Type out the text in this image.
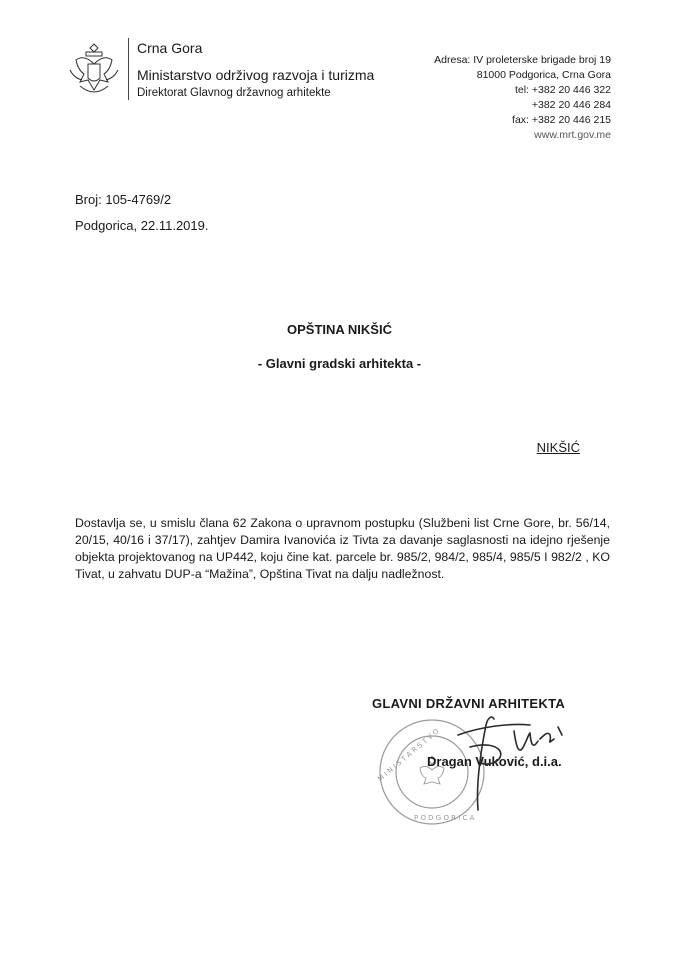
Crna Gora
Ministarstvo održivog razvoja i turizma
Direktorat Glavnog državnog arhitekte
Adresa: IV proleterske brigade broj 19
81000 Podgorica, Crna Gora
tel: +382 20 446 322
+382 20 446 284
fax: +382 20 446 215
www.mrt.gov.me
Broj: 105-4769/2
Podgorica, 22.11.2019.
OPŠTINA NIKŠIĆ
- Glavni gradski arhitekta -
NIKŠIĆ
Dostavlja se, u smislu člana 62 Zakona o upravnom postupku (Službeni list Crne Gore, br. 56/14, 20/15, 40/16 i 37/17), zahtjev Damira Ivanovića iz Tivta za davanje saglasnosti na idejno rješenje objekta projektovanog na UP442, koju čine kat. parcele br. 985/2, 984/2, 985/4, 985/5 I 982/2 , KO Tivat, u zahvatu DUP-a “Mažina”, Opština Tivat na dalju nadležnost.
GLAVNI DRŽAVNI ARHITEKTA
M I N I S T A R S T V O
P O D G O R I C A
Dragan Vuković, d.i.a.
